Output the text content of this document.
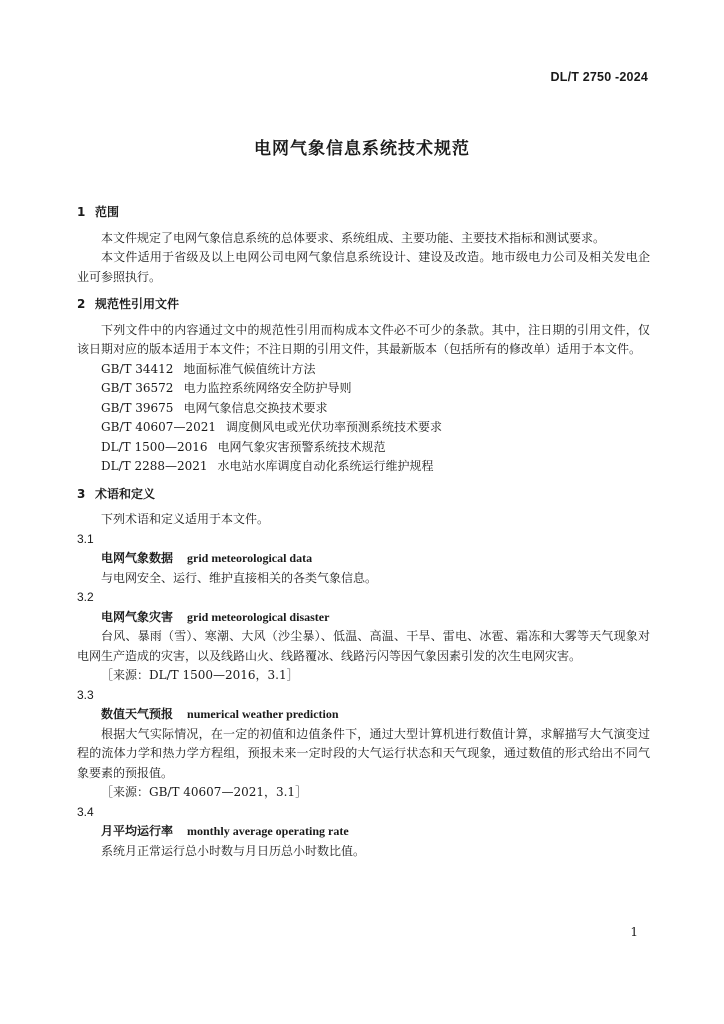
DL/T 2750 -2024
电网气象信息系统技术规范

1 范围

本文件规定了电网气象信息系统的总体要求、系统组成、主要功能、主要技术指标和测试要求。

本文件适用于省级及以上电网公司电网气象信息系统设计、建设及改造。地市级电力公司及相关发电企业可参照执行。

2 规范性引用文件

下列文件中的内容通过文中的规范性引用而构成本文件必不可少的条款。其中，注日期的引用文件，仅该日期对应的版本适用于本文件；不注日期的引用文件，其最新版本（包括所有的修改单）适用于本文件。

GB/T 34412 地面标准气候值统计方法

GB/T 36572 电力监控系统网络安全防护导则

GB/T 39675 电网气象信息交换技术要求

GB/T 40607—2021 调度侧风电或光伏功率预测系统技术要求

DL/T 1500—2016 电网气象灾害预警系统技术规范

DL/T 2288—2021 水电站水库调度自动化系统运行维护规程

3 术语和定义

下列术语和定义适用于本文件。

3.1

电网气象数据 grid meteorological data

与电网安全、运行、维护直接相关的各类气象信息。

3.2

电网气象灾害 grid meteorological disaster

台风、暴雨（雪）、寒潮、大风（沙尘暴）、低温、高温、干旱、雷电、冰雹、霜冻和大雾等天气现象对电网生产造成的灾害，以及线路山火、线路覆冰、线路污闪等因气象因素引发的次生电网灾害。

［来源：DL/T 1500—2016，3.1］

3.3

数值天气预报 numerical weather prediction

根据大气实际情况，在一定的初值和边值条件下，通过大型计算机进行数值计算，求解描写大气演变过程的流体力学和热力学方程组，预报未来一定时段的大气运行状态和天气现象，通过数值的形式给出不同气象要素的预报值。

［来源：GB/T 40607—2021，3.1］

3.4

月平均运行率 monthly average operating rate

系统月正常运行总小时数与月日历总小时数比值。

1
